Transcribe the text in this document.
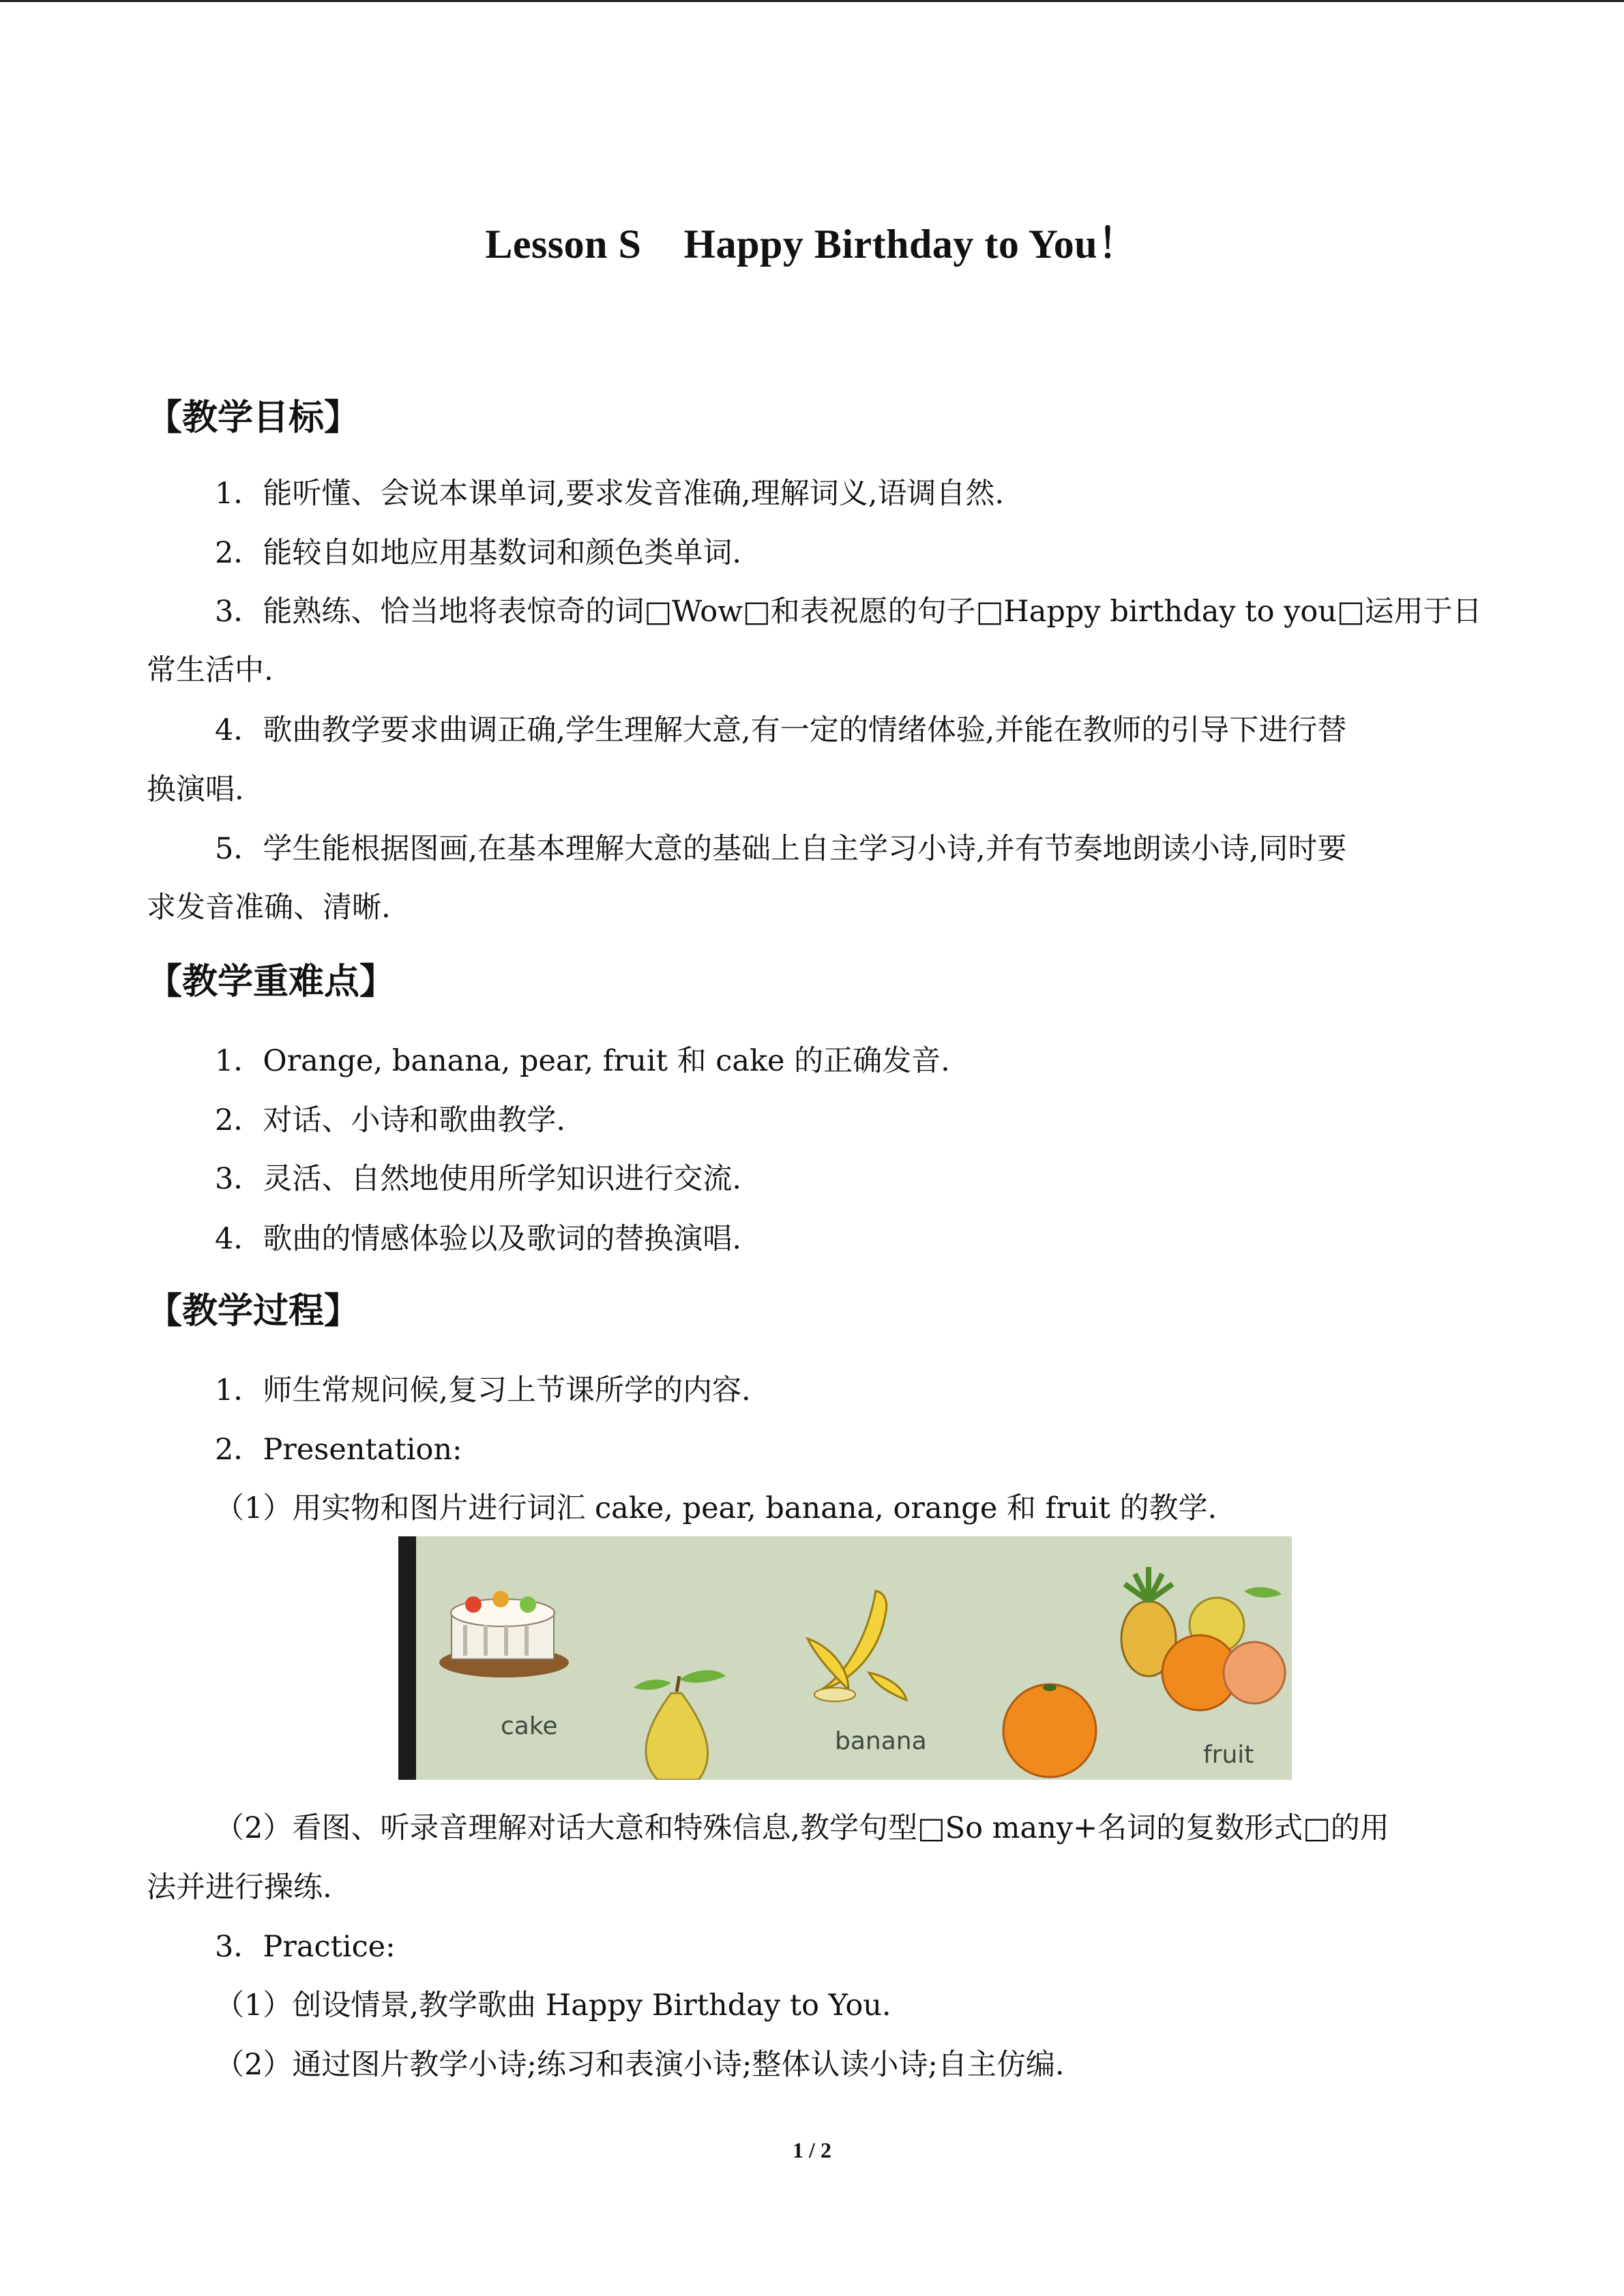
Lesson S    Happy Birthday to You！
【教学目标】
1．能听懂、会说本课单词,要求发音准确,理解词义,语调自然.
2．能较自如地应用基数词和颜色类单词.
3．能熟练、恰当地将表惊奇的词□Wow□和表祝愿的句子□Happy birthday to you□运用于日
常生活中.
4．歌曲教学要求曲调正确,学生理解大意,有一定的情绪体验,并能在教师的引导下进行替
换演唱.
5．学生能根据图画,在基本理解大意的基础上自主学习小诗,并有节奏地朗读小诗,同时要
求发音准确、清晰.
【教学重难点】
1．Orange, banana, pear, fruit 和 cake 的正确发音.
2．对话、小诗和歌曲教学.
3．灵活、自然地使用所学知识进行交流.
4．歌曲的情感体验以及歌词的替换演唱.
【教学过程】
1．师生常规问候,复习上节课所学的内容.
2．Presentation:
（1）用实物和图片进行词汇 cake, pear, banana, orange 和 fruit 的教学.
cake
banana	fruit
（2）看图、听录音理解对话大意和特殊信息,教学句型□So many+名词的复数形式□的用
法并进行操练.
3．Practice:
（1）创设情景,教学歌曲 Happy Birthday to You.
（2）通过图片教学小诗;练习和表演小诗;整体认读小诗;自主仿编.
1 / 2
